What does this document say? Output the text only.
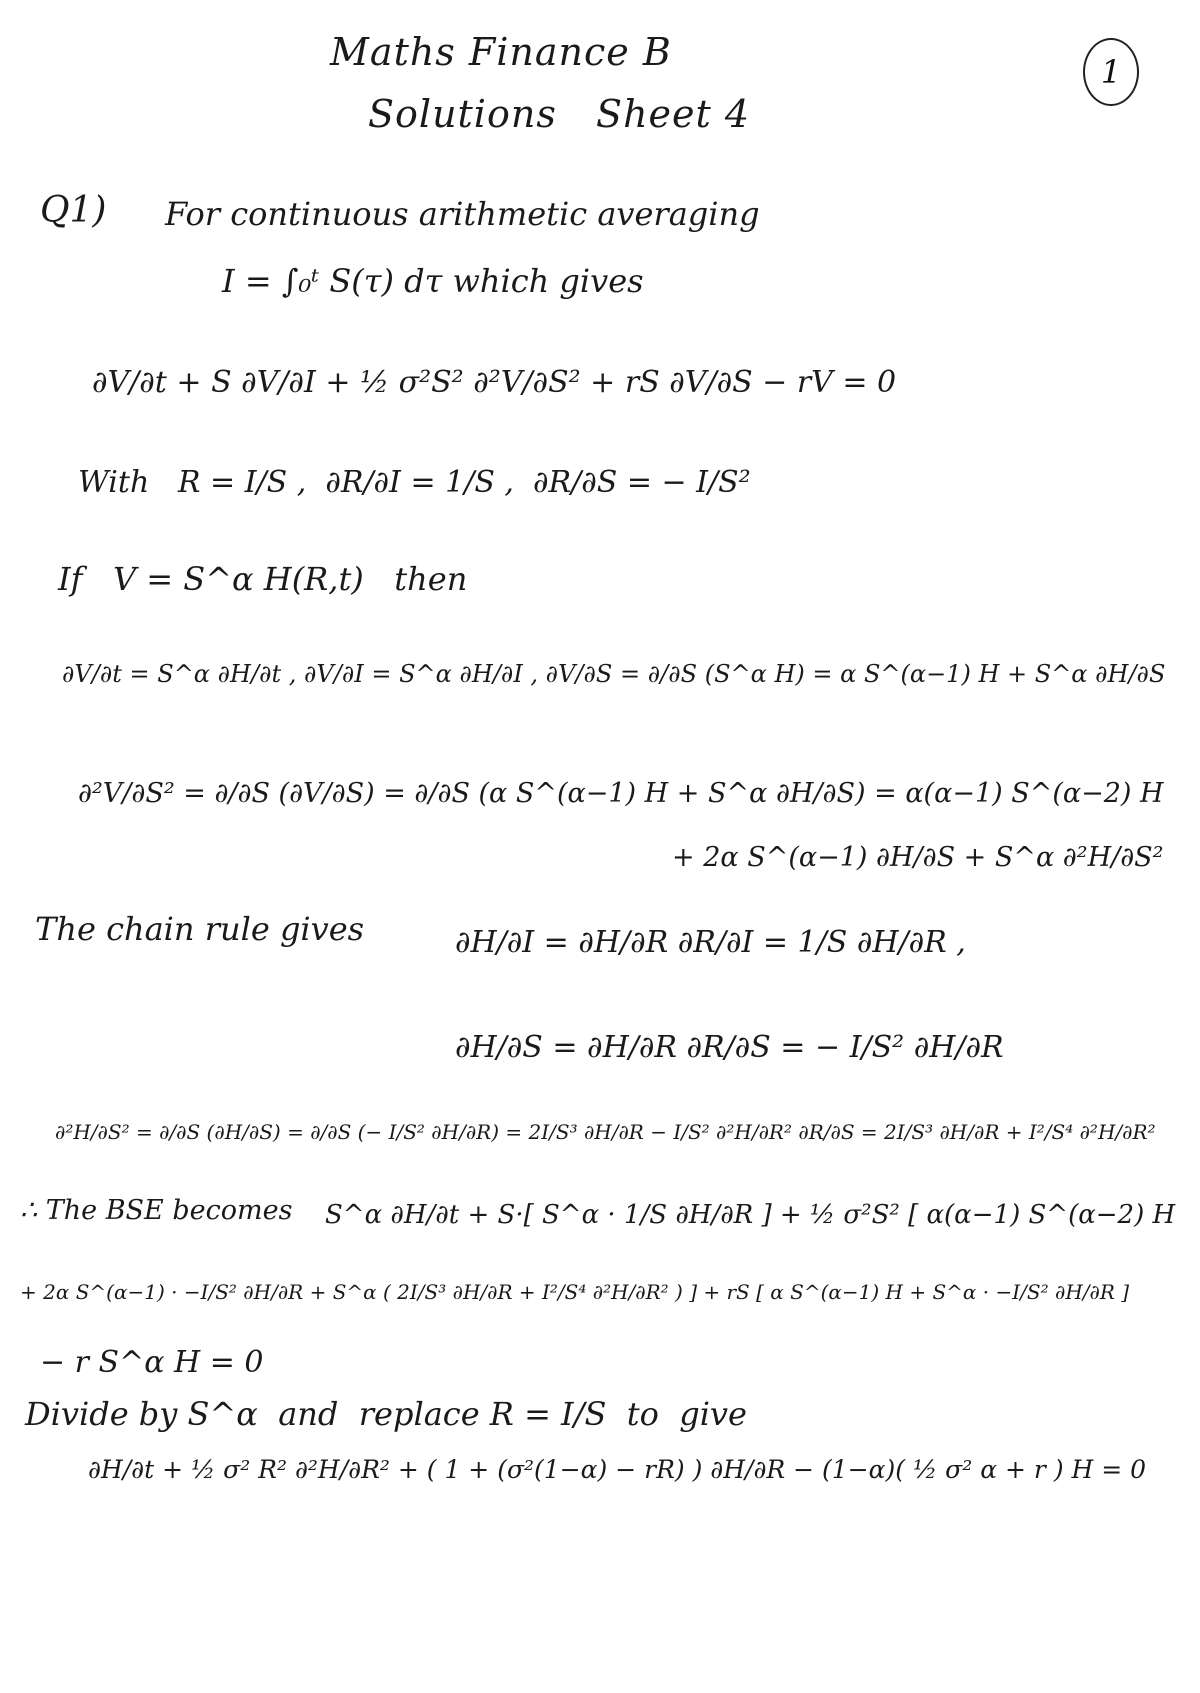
Maths Finance B
Solutions   Sheet 4
1
Q1) For continuous arithmetic averaging
I = ∫₀ᵗ S(τ) dτ which gives
∂V/∂t + S ∂V/∂I + ½ σ²S² ∂²V/∂S² + rS ∂V/∂S − rV = 0
With   R = I/S ,  ∂R/∂I = 1/S ,  ∂R/∂S = − I/S²
If   V = S^α H(R,t)   then
∂V/∂t = S^α ∂H/∂t , ∂V/∂I = S^α ∂H/∂I , ∂V/∂S = ∂/∂S (S^α H) = α S^(α−1) H + S^α ∂H/∂S
∂²V/∂S² = ∂/∂S (∂V/∂S) = ∂/∂S (α S^(α−1) H + S^α ∂H/∂S) = α(α−1) S^(α−2) H
+ 2α S^(α−1) ∂H/∂S + S^α ∂²H/∂S²
The chain rule gives	∂H/∂I = ∂H/∂R ∂R/∂I = 1/S ∂H/∂R ,
∂H/∂S = ∂H/∂R ∂R/∂S = − I/S² ∂H/∂R
∂²H/∂S² = ∂/∂S (∂H/∂S) = ∂/∂S (− I/S² ∂H/∂R) = 2I/S³ ∂H/∂R − I/S² ∂²H/∂R² ∂R/∂S = 2I/S³ ∂H/∂R + I²/S⁴ ∂²H/∂R²
∴ The BSE becomes S^α ∂H/∂t + S·[ S^α · 1/S ∂H/∂R ] + ½ σ²S² [ α(α−1) S^(α−2) H
+ 2α S^(α−1) · −I/S² ∂H/∂R + S^α ( 2I/S³ ∂H/∂R + I²/S⁴ ∂²H/∂R² ) ] + rS [ α S^(α−1) H + S^α · −I/S² ∂H/∂R ]
− r S^α H = 0
Divide by S^α  and  replace R = I/S  to  give
∂H/∂t + ½ σ² R² ∂²H/∂R² + ( 1 + (σ²(1−α) − rR) ) ∂H/∂R − (1−α)( ½ σ² α + r ) H = 0
